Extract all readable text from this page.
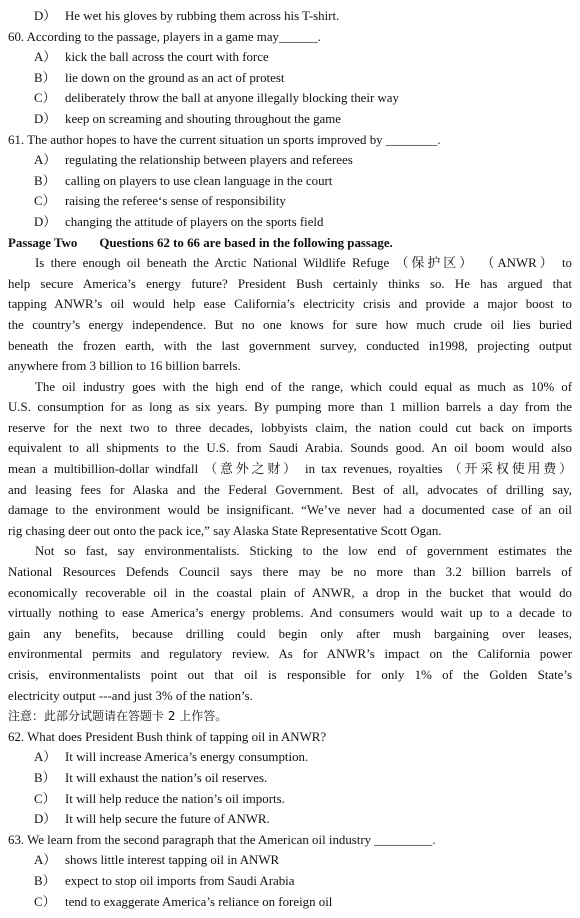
D） He wet his gloves by rubbing them across his T-shirt.
60. According to the passage, players in a game may______.
A） kick the ball across the court with force
B） lie down on the ground as an act of protest
C） deliberately throw the ball at anyone illegally blocking their way
D） keep on screaming and shouting throughout the game
61. The author hopes to have the current situation un sports improved by ________.
A） regulating the relationship between players and referees
B） calling on players to use clean language in the court
C） raising the referee‘s sense of responsibility
D） changing the attitude of players on the sports field
Passage Two Questions 62 to 66 are based in the following passage.
Is there enough oil beneath the Arctic National Wildlife Refuge （保护区） （ANWR） to
help secure America’s energy future? President Bush certainly thinks so. He has argued that
tapping ANWR’s oil would help ease California’s electricity crisis and provide a major boost to
the country’s energy independence. But no one knows for sure how much crude oil lies buried
beneath the frozen earth, with the last government survey, conducted in1998, projecting output
anywhere from 3 billion to 16 billion barrels.
The oil industry goes with the high end of the range, which could equal as much as 10% of
U.S. consumption for as long as six years. By pumping more than 1 million barrels a day from the
reserve for the next two to three decades, lobbyists claim, the nation could cut back on imports
equivalent to all shipments to the U.S. from Saudi Arabia. Sounds good. An oil boom would also
mean a multibillion-dollar windfall （意外之财） in tax revenues, royalties （开采权使用费）
and leasing fees for Alaska and the Federal Government. Best of all, advocates of drilling say,
damage to the environment would be insignificant. “We’ve never had a documented case of an oil
rig chasing deer out onto the pack ice,” say Alaska State Representative Scott Ogan.
Not so fast, say environmentalists. Sticking to the low end of government estimates the
National Resources Defends Council says there may be no more than 3.2 billion barrels of
economically recoverable oil in the coastal plain of ANWR, a drop in the bucket that would do
virtually nothing to ease America’s energy problems. And consumers would wait up to a decade to
gain any benefits, because drilling could begin only after mush bargaining over leases,
environmental permits and regulatory review. As for ANWR’s impact on the California power
crisis, environmentalists point out that oil is responsible for only 1% of the Golden State’s
electricity output ---and just 3% of the nation’s.
注意：此部分试题请在答题卡 2 上作答。
62. What does President Bush think of tapping oil in ANWR?
A） It will increase America’s energy consumption.
B） It will exhaust the nation’s oil reserves.
C） It will help reduce the nation’s oil imports.
D） It will help secure the future of ANWR.
63. We learn from the second paragraph that the American oil industry _________.
A） shows little interest tapping oil in ANWR
B） expect to stop oil imports from Saudi Arabia
C） tend to exaggerate America’s reliance on foreign oil
